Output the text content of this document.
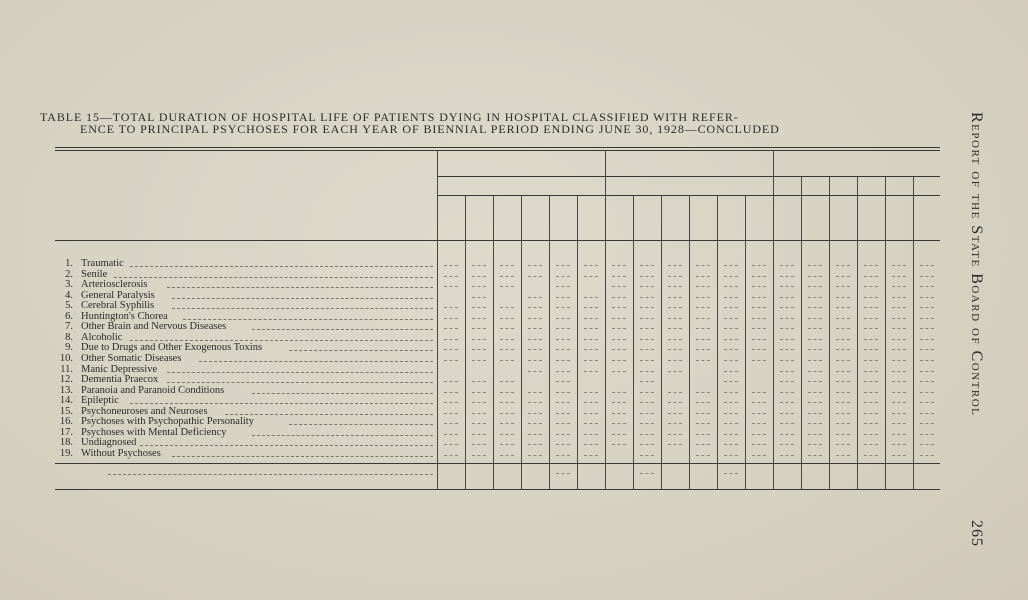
TABLE 15—TOTAL DURATION OF HOSPITAL LIFE OF PATIENTS DYING IN HOSPITAL CLASSIFIED WITH REFER-
ENCE TO PRINCIPAL PSYCHOSES FOR EACH YEAR OF BIENNIAL PERIOD ENDING JUNE 30, 1928—CONCLUDED	Report of the State Board of Control
265
1. Traumatic
2. Senile
3. Arteriosclerosis
4. General Paralysis
5. Cerebral Syphilis
6. Huntington's Chorea
7. Other Brain and Nervous Diseases
8. Alcoholic
9. Due to Drugs and Other Exogenous Toxins
10. Other Somatic Diseases
11. Manic Depressive
12. Dementia Praecox
13. Paranoia and Paranoid Conditions
14. Epileptic
15. Psychoneuroses and Neuroses
16. Psychoses with Psychopathic Personality
17. Psychoses with Mental Deficiency
18. Undiagnosed
19. Without Psychoses
